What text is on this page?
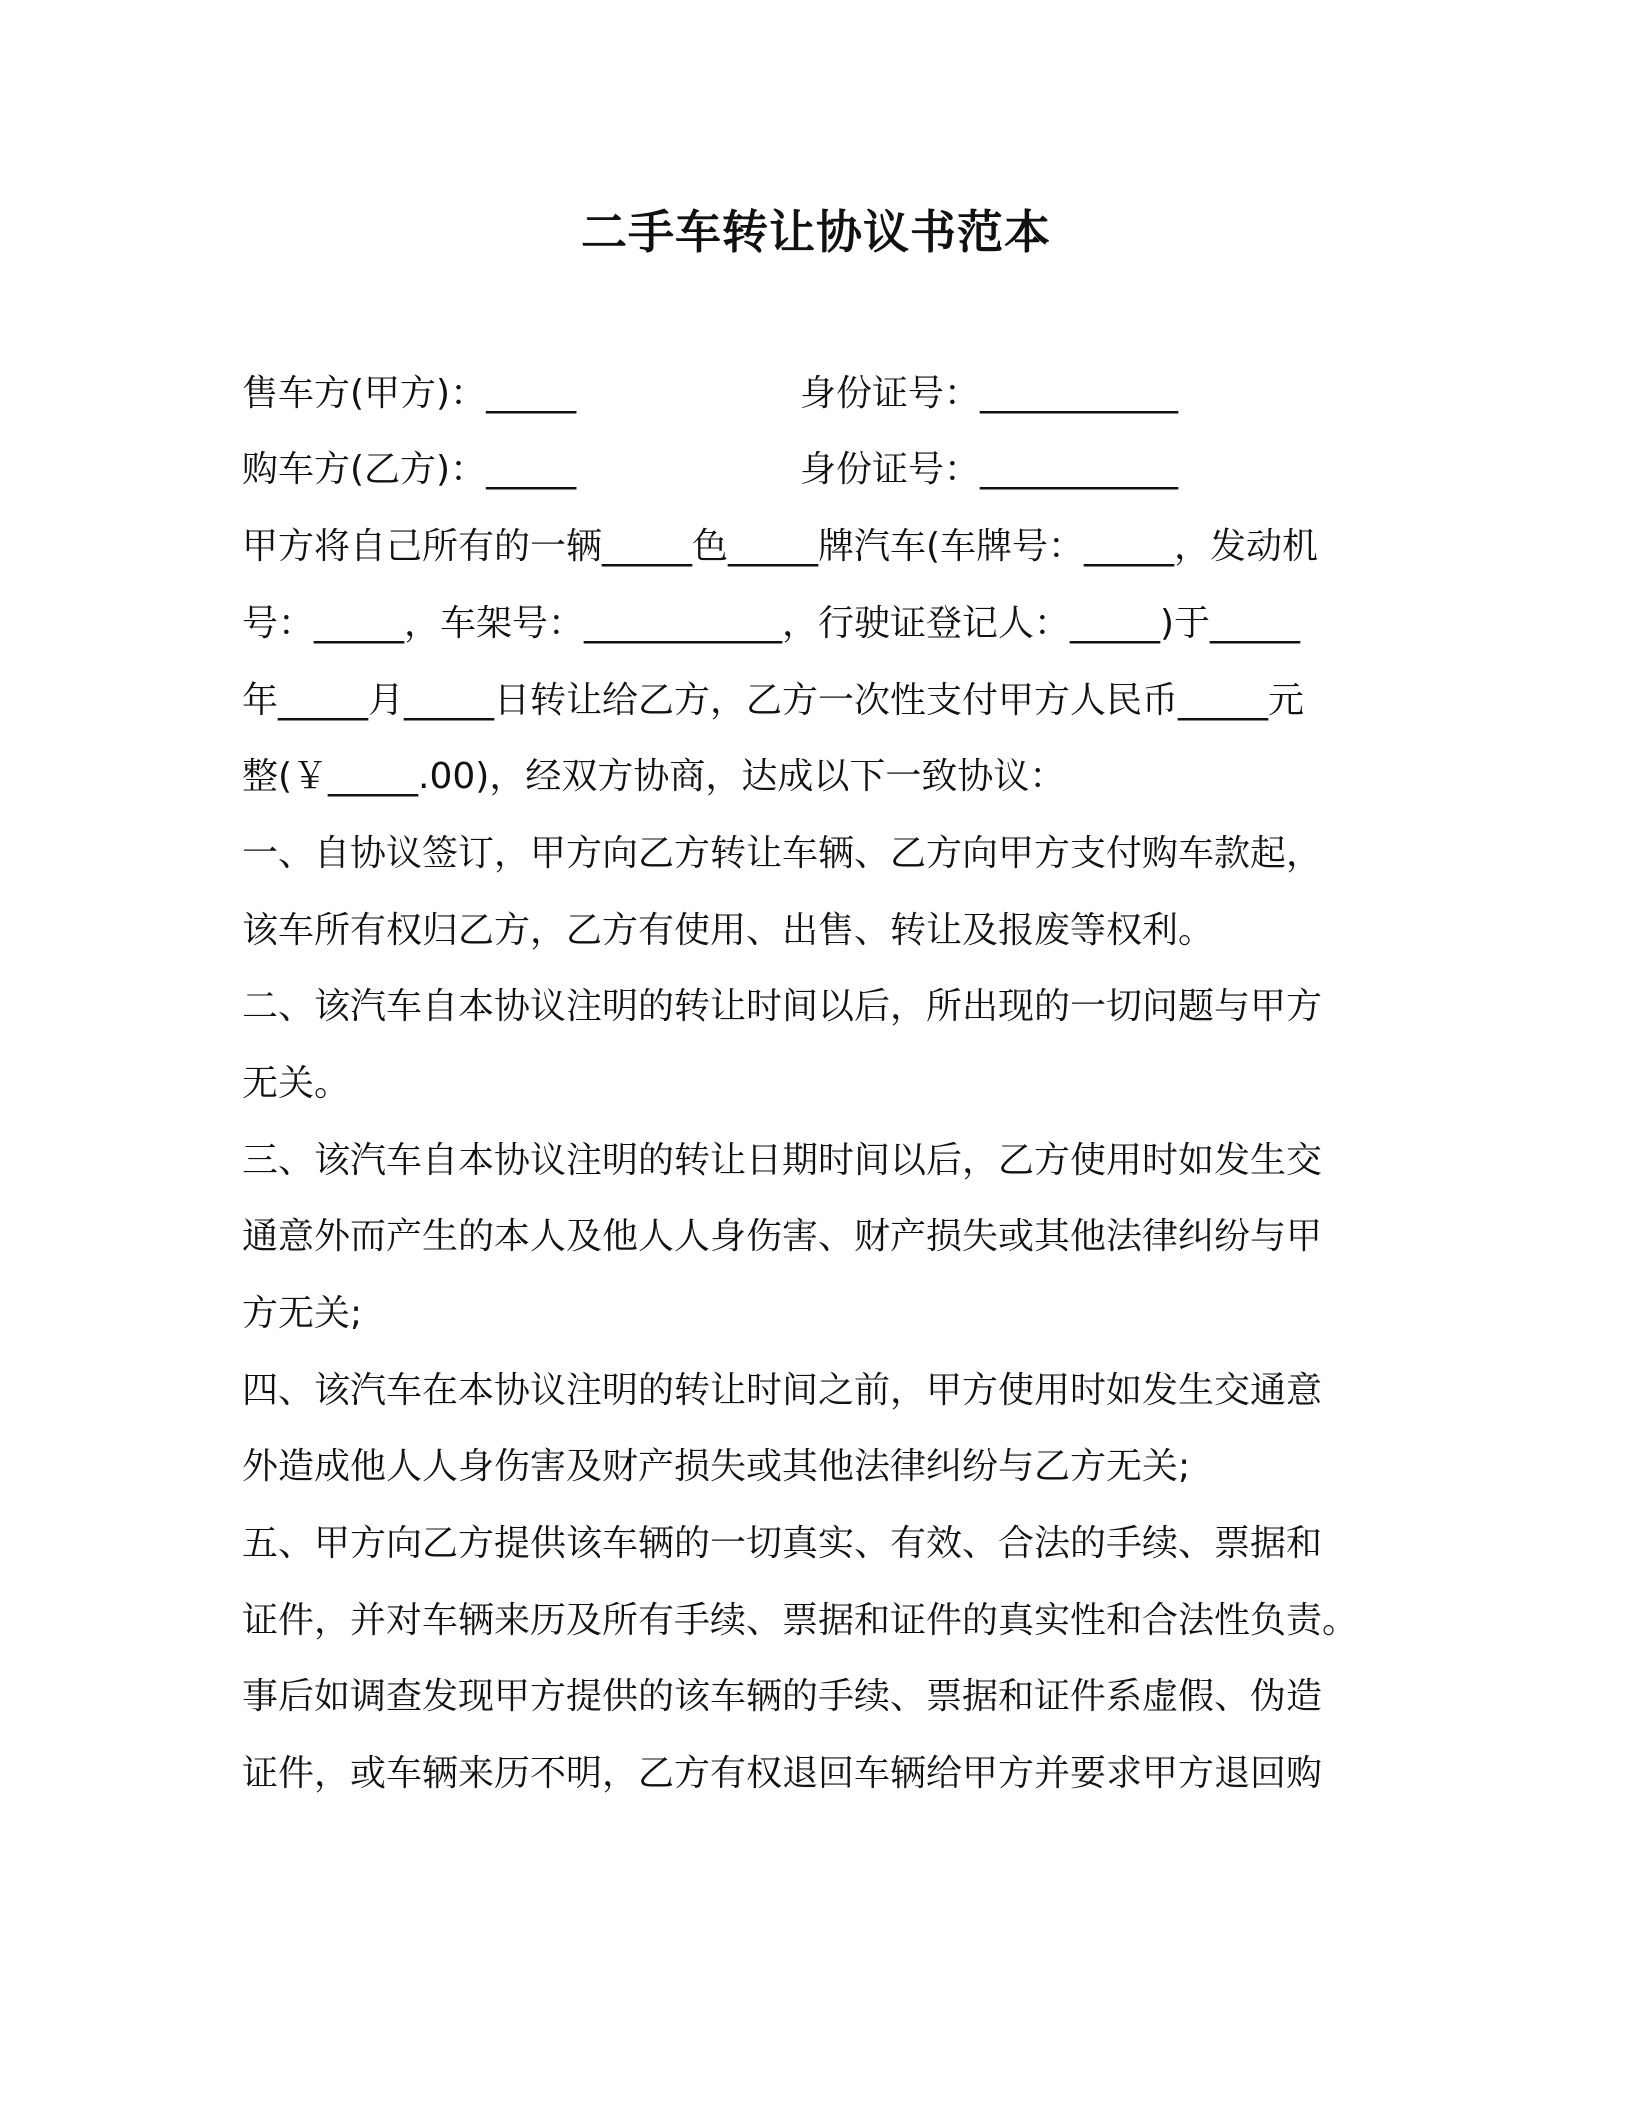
二手车转让协议书范本
售车方(甲方)：_____	身份证号：___________
购车方(乙方)：_____	身份证号：___________
甲方将自己所有的一辆_____色_____牌汽车(车牌号：_____，发动机
号：_____，车架号：___________，行驶证登记人：_____)于_____
年_____月_____日转让给乙方，乙方一次性支付甲方人民币_____元
整(￥_____.00)，经双方协商，达成以下一致协议：
一、自协议签订，甲方向乙方转让车辆、乙方向甲方支付购车款起，
该车所有权归乙方，乙方有使用、出售、转让及报废等权利。
二、该汽车自本协议注明的转让时间以后，所出现的一切问题与甲方
无关。
三、该汽车自本协议注明的转让日期时间以后，乙方使用时如发生交
通意外而产生的本人及他人人身伤害、财产损失或其他法律纠纷与甲
方无关;
四、该汽车在本协议注明的转让时间之前，甲方使用时如发生交通意
外造成他人人身伤害及财产损失或其他法律纠纷与乙方无关;
五、甲方向乙方提供该车辆的一切真实、有效、合法的手续、票据和
证件，并对车辆来历及所有手续、票据和证件的真实性和合法性负责。
事后如调查发现甲方提供的该车辆的手续、票据和证件系虚假、伪造
证件，或车辆来历不明，乙方有权退回车辆给甲方并要求甲方退回购
